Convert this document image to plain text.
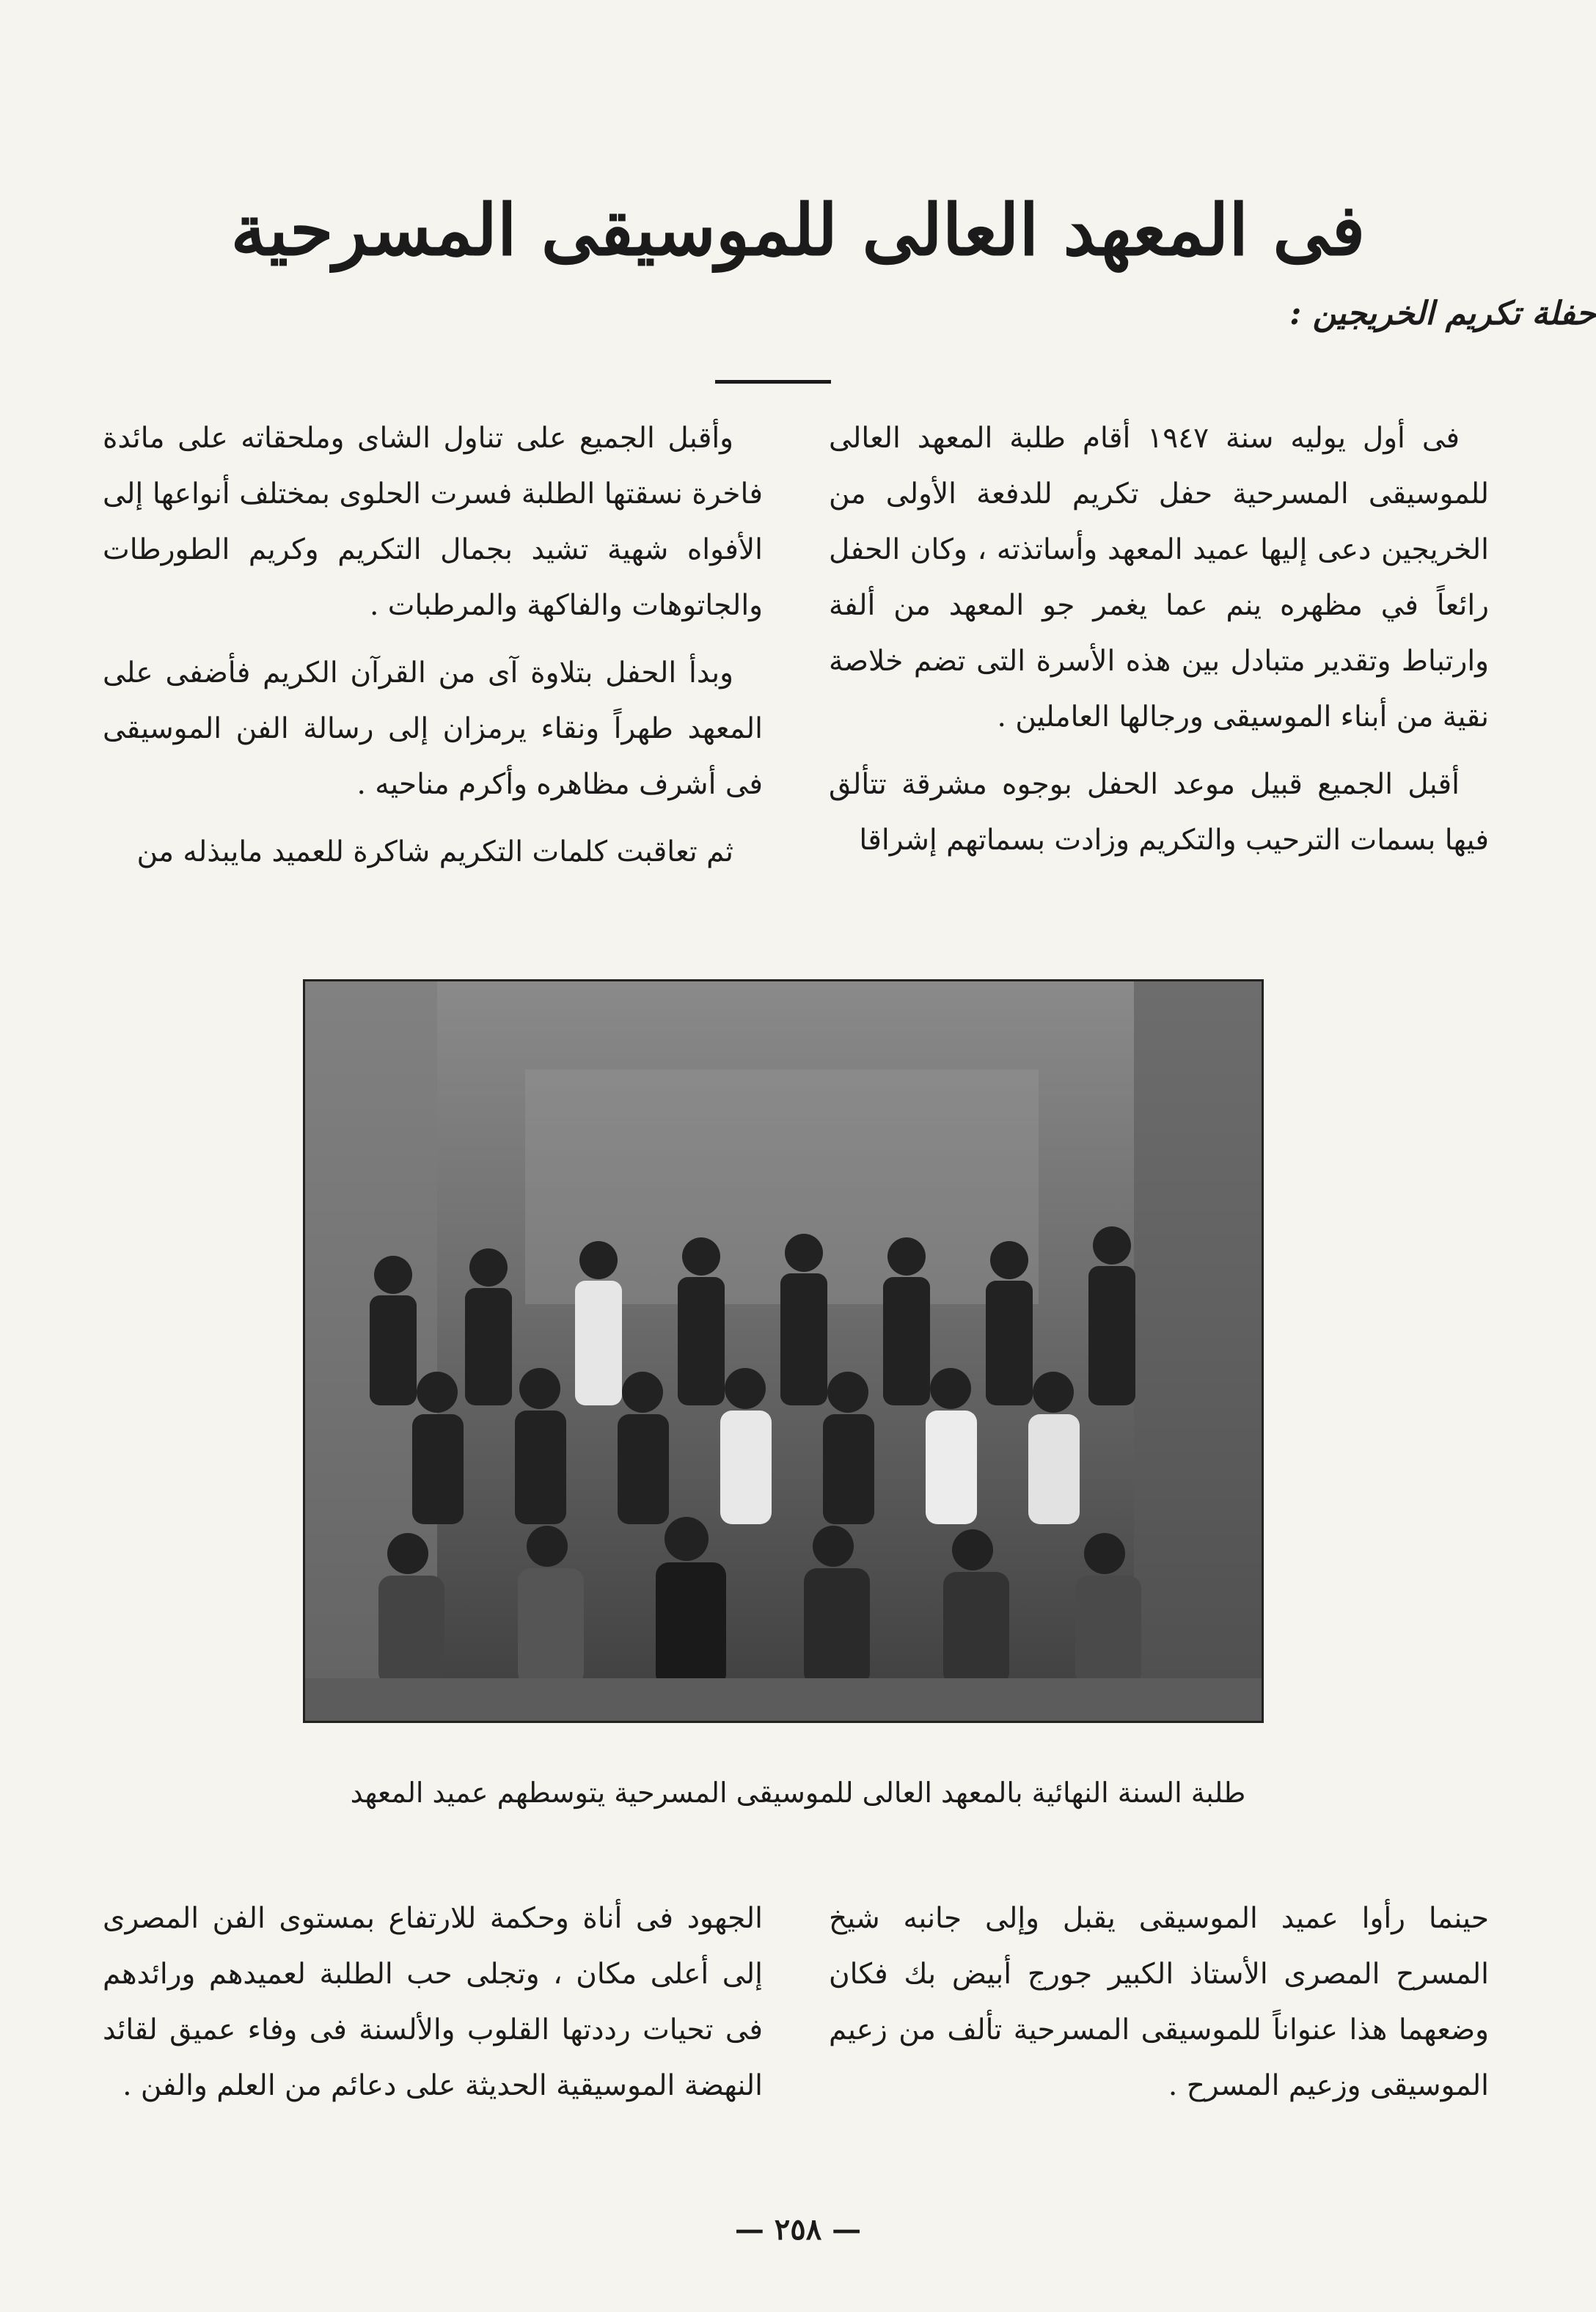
فى المعهد العالى للموسيقى المسرحية
حفلة تكريم الخريجين :

فى أول يوليه سنة ١٩٤٧ أقام طلبة المعهد العالى للموسيقى المسرحية حفل تكريم للدفعة الأولى من الخريجين دعى إليها عميد المعهد وأساتذته ، وكان الحفل رائعاً في مظهره ينم عما يغمر جو المعهد من ألفة وارتباط وتقدير متبادل بين هذه الأسرة التى تضم خلاصة نقية من أبناء الموسيقى ورجالها العاملين .

أقبل الجميع قبيل موعد الحفل بوجوه مشرقة تتألق فيها بسمات الترحيب والتكريم وزادت بسماتهم إشراقا

وأقبل الجميع على تناول الشاى وملحقاته على مائدة فاخرة نسقتها الطلبة فسرت الحلوى بمختلف أنواعها إلى الأفواه شهية تشيد بجمال التكريم وكريم الطورطات والجاتوهات والفاكهة والمرطبات .

وبدأ الحفل بتلاوة آى من القرآن الكريم فأضفى على المعهد طهراً ونقاء يرمزان إلى رسالة الفن الموسيقى فى أشرف مظاهره وأكرم مناحيه .

ثم تعاقبت كلمات التكريم شاكرة للعميد مايبذله من

طلبة السنة النهائية بالمعهد العالى للموسيقى المسرحية يتوسطهم عميد المعهد

حينما رأوا عميد الموسيقى يقبل وإلى جانبه شيخ المسرح المصرى الأستاذ الكبير جورج أبيض بك فكان وضعهما هذا عنواناً للموسيقى المسرحية تألف من زعيم الموسيقى وزعيم المسرح .

الجهود فى أناة وحكمة للارتفاع بمستوى الفن المصرى إلى أعلى مكان ، وتجلى حب الطلبة لعميدهم ورائدهم فى تحيات رددتها القلوب والألسنة فى وفاء عميق لقائد النهضة الموسيقية الحديثة على دعائم من العلم والفن .

— ٢٥٨ —
